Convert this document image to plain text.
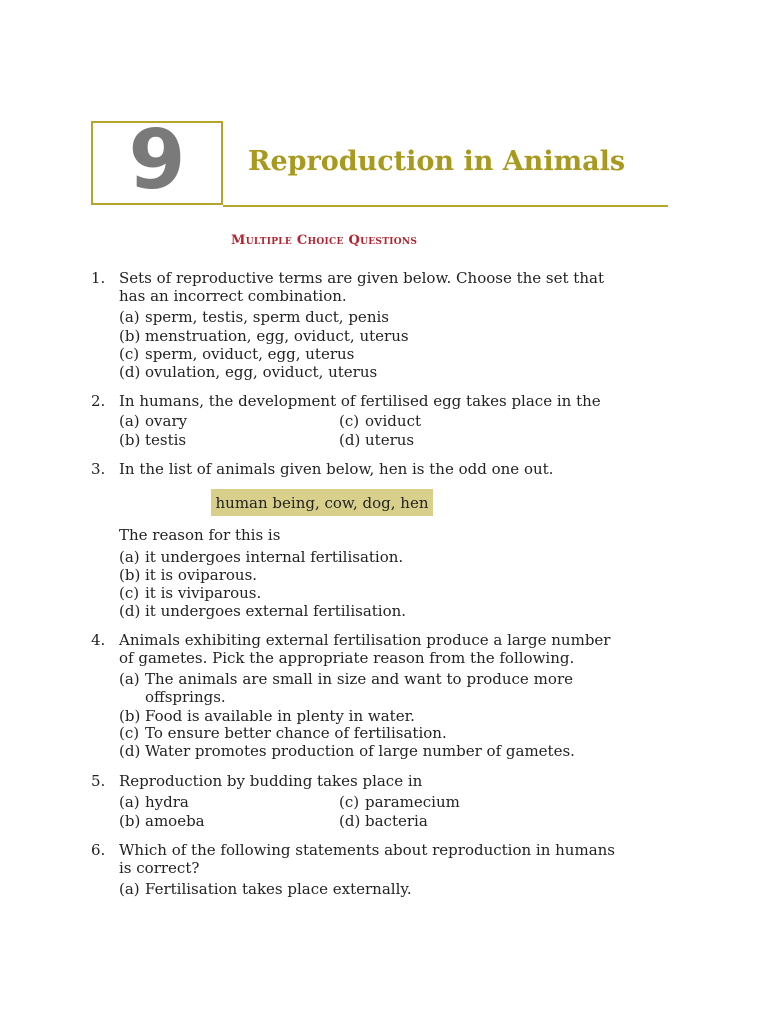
9 Reproduction in Animals
Multiple Choice Questions
1. Sets of reproductive terms are given below. Choose the set that
has an incorrect combination.
(a) sperm, testis, sperm duct, penis
(b) menstruation, egg, oviduct, uterus
(c) sperm, oviduct, egg, uterus
(d) ovulation, egg, oviduct, uterus
2. In humans, the development of fertilised egg takes place in the
(a) ovary
(b) testis
(c) oviduct
(d) uterus
3. In the list of animals given below, hen is the odd one out.
human being, cow, dog, hen
The reason for this is
(a) it undergoes internal fertilisation.
(b) it is oviparous.
(c) it is viviparous.
(d) it undergoes external fertilisation.
4. Animals exhibiting external fertilisation produce a large number
of gametes. Pick the appropriate reason from the following.
(a) The animals are small in size and want to produce more
offsprings.
(b) Food is available in plenty in water.
(c) To ensure better chance of fertilisation.
(d) Water promotes production of large number of gametes.
5. Reproduction by budding takes place in
(a) hydra
(b) amoeba
(c) paramecium
(d) bacteria
6. Which of the following statements about reproduction in humans
is correct?
(a) Fertilisation takes place externally.
